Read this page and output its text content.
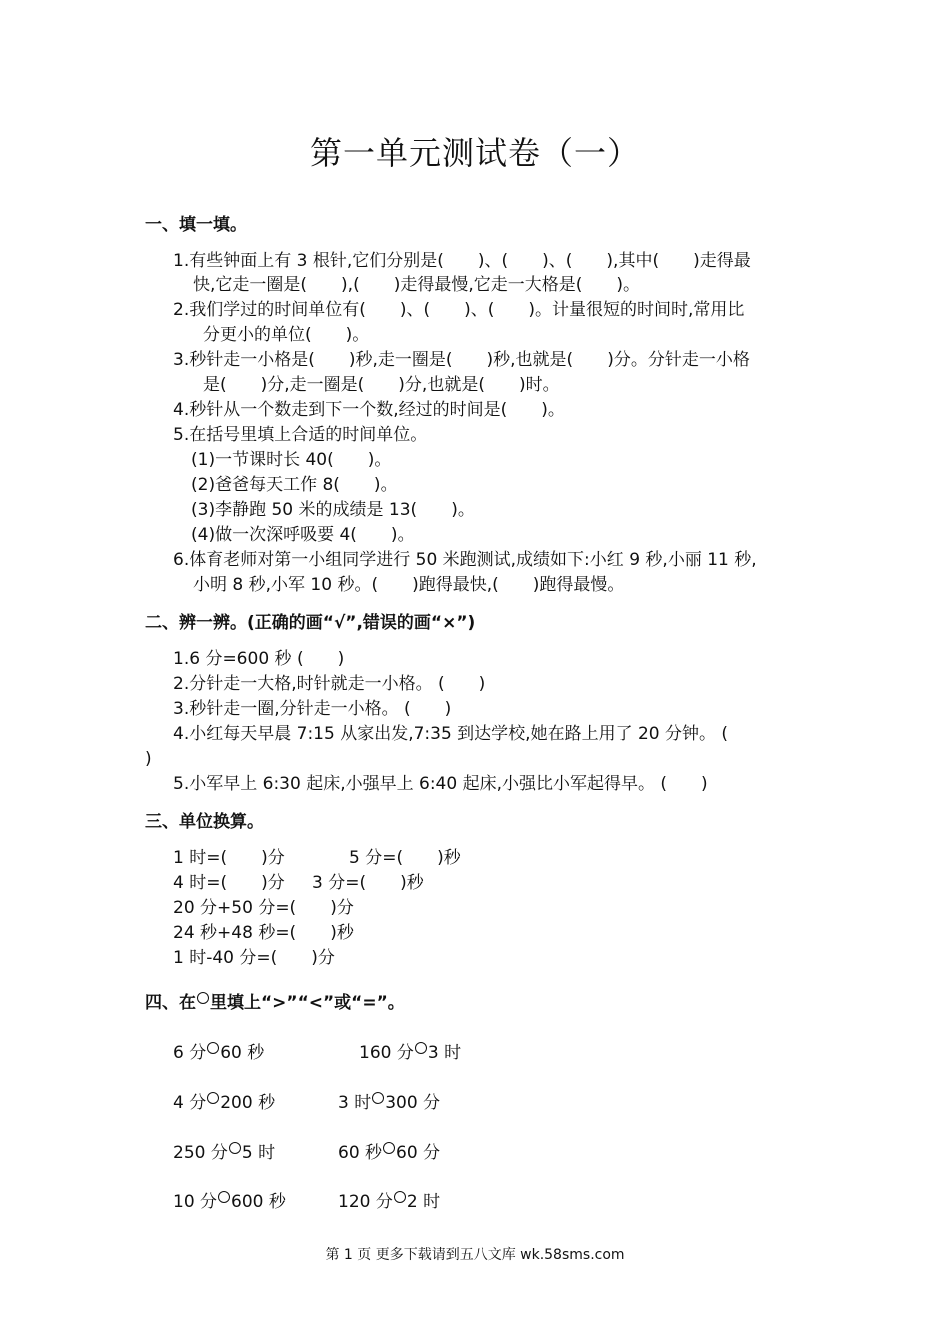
第一单元测试卷（一）
一、填一填。
1.有些钟面上有 3 根针,它们分别是(　　)、(　　)、(　　),其中(　　)走得最
快,它走一圈是(　　),(　　)走得最慢,它走一大格是(　　)。
2.我们学过的时间单位有(　　)、(　　)、(　　)。计量很短的时间时,常用比
分更小的单位(　　)。
3.秒针走一小格是(　　)秒,走一圈是(　　)秒,也就是(　　)分。分针走一小格
是(　　)分,走一圈是(　　)分,也就是(　　)时。
4.秒针从一个数走到下一个数,经过的时间是(　　)。
5.在括号里填上合适的时间单位。
(1)一节课时长 40(　　)。
(2)爸爸每天工作 8(　　)。
(3)李静跑 50 米的成绩是 13(　　)。
(4)做一次深呼吸要 4(　　)。
6.体育老师对第一小组同学进行 50 米跑测试,成绩如下:小红 9 秒,小丽 11 秒,
小明 8 秒,小军 10 秒。(　　)跑得最快,(　　)跑得最慢。
二、辨一辨。(正确的画“√”,错误的画“×”)
1.6 分=600 秒 (　　)
2.分针走一大格,时针就走一小格。 (　　)
3.秒针走一圈,分针走一小格。 (　　)
4.小红每天早晨 7:15 从家出发,7:35 到达学校,她在路上用了 20 分钟。 (
)
5.小军早上 6:30 起床,小强早上 6:40 起床,小强比小军起得早。 (　　)
三、单位换算。
1 时=(　　)分	5 分=(　　)秒
4 时=(　　)分 3 分=(　　)秒
20 分+50 分=(　　)分
24 秒+48 秒=(　　)秒
1 时-40 分=(　　)分
四、在 里填上“>”“<”或“=”。
6 分 60 秒	160 分 3 时
4 分 200 秒	3 时 300 分
250 分 5 时	60 秒 60 分
10 分 600 秒	120 分 2 时
第 1 页 更多下载请到五八文库 wk.58sms.com
